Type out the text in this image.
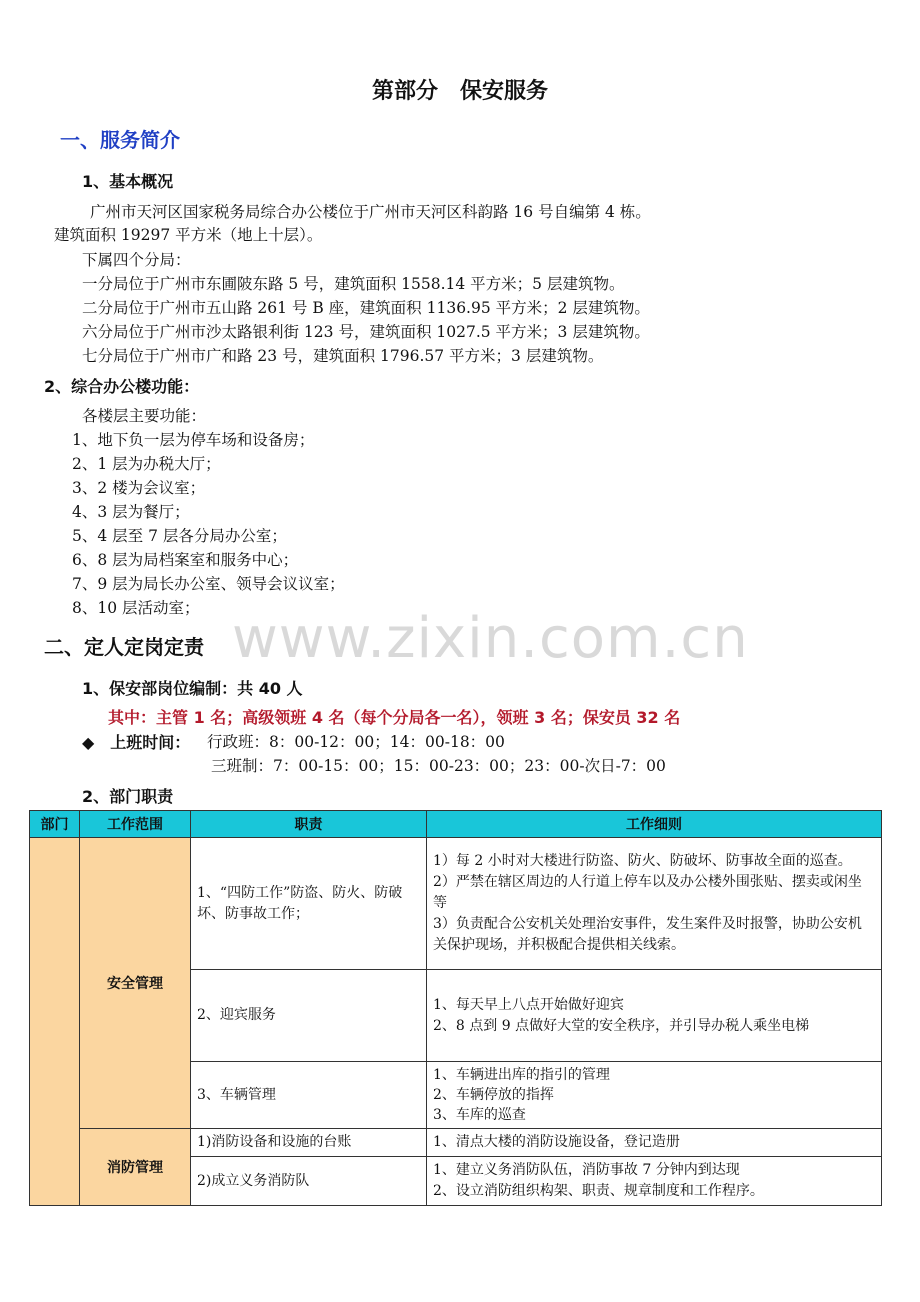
第部分　保安服务
一、服务简介
1、基本概况
广州市天河区国家税务局综合办公楼位于广州市天河区科韵路 16 号自编第 4 栋。
建筑面积 19297 平方米（地上十层）。
下属四个分局：
一分局位于广州市东圃陂东路 5 号，建筑面积 1558.14 平方米；5 层建筑物。
二分局位于广州市五山路 261 号 B 座，建筑面积 1136.95 平方米；2 层建筑物。
六分局位于广州市沙太路银利街 123 号，建筑面积 1027.5 平方米；3 层建筑物。
七分局位于广州市广和路 23 号，建筑面积 1796.57 平方米；3 层建筑物。
2、综合办公楼功能：
各楼层主要功能：
1、地下负一层为停车场和设备房；
2、1 层为办税大厅；
3、2 楼为会议室；
4、3 层为餐厅；
5、4 层至 7 层各分局办公室；
6、8 层为局档案室和服务中心；
7、9 层为局长办公室、领导会议议室；
8、10 层活动室； www.zixin.com.cn
二、定人定岗定责
1、保安部岗位编制：共 40 人
其中：主管 1 名；高级领班 4 名（每个分局各一名），领班 3 名；保安员 32 名
◆　上班时间： 行政班：8：00-12：00；14：00-18：00
三班制：7：00-15：00；15：00-23：00；23：00-次日-7：00
2、部门职责
部门	工作范围	职责	工作细则
	安全管理	1、“四防工作”防盗、防火、防破坏、防事故工作；	1）每 2 小时对大楼进行防盗、防火、防破坏、防事故全面的巡查。
2）严禁在辖区周边的人行道上停车以及办公楼外围张贴、摆卖或闲坐等
3）负责配合公安机关处理治安事件，发生案件及时报警，协助公安机关保护现场，并积极配合提供相关线索。

		2、迎宾服务	1、每天早上八点开始做好迎宾
2、8 点到 9 点做好大堂的安全秩序，并引导办税人乘坐电梯

		3、车辆管理	1、车辆进出库的指引的管理
2、车辆停放的指挥
3、车库的巡查

	消防管理	1)消防设备和设施的台账	1、清点大楼的消防设施设备，登记造册

		2)成立义务消防队	1、建立义务消防队伍，消防事故 7 分钟内到达现
2、设立消防组织构架、职责、规章制度和工作程序。
